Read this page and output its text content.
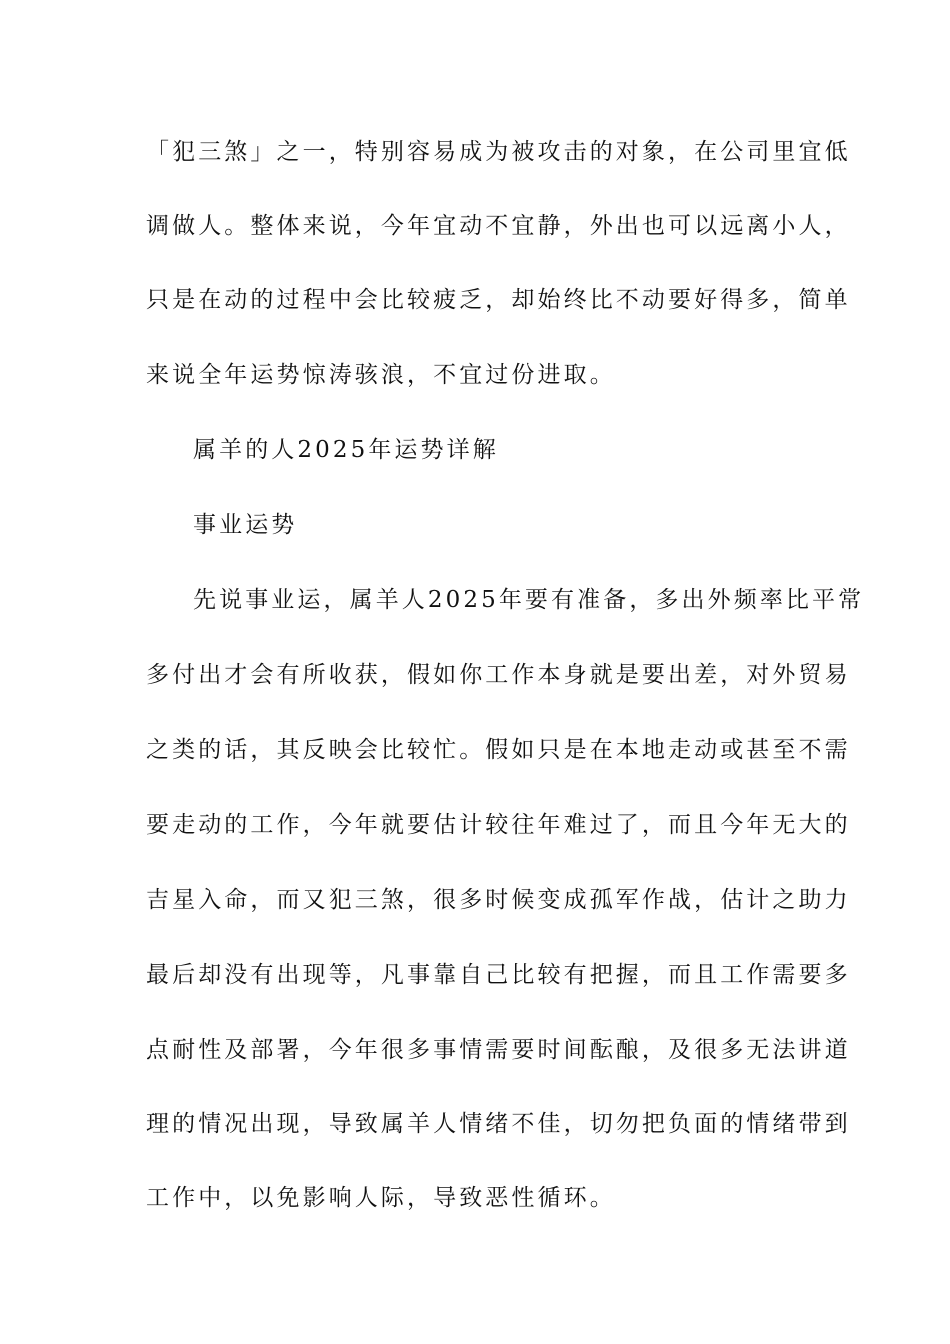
「犯三煞」之一，特别容易成为被攻击的对象，在公司里宜低
调做人。整体来说，今年宜动不宜静，外出也可以远离小人，
只是在动的过程中会比较疲乏，却始终比不动要好得多，简单
来说全年运势惊涛骇浪，不宜过份进取。
属羊的人2025年运势详解
事业运势
先说事业运，属羊人2025年要有准备，多出外频率比平常
多付出才会有所收获，假如你工作本身就是要出差，对外贸易
之类的话，其反映会比较忙。假如只是在本地走动或甚至不需
要走动的工作，今年就要估计较往年难过了，而且今年无大的
吉星入命，而又犯三煞，很多时候变成孤军作战，估计之助力
最后却没有出现等，凡事靠自己比较有把握，而且工作需要多
点耐性及部署，今年很多事情需要时间酝酿，及很多无法讲道
理的情况出现，导致属羊人情绪不佳，切勿把负面的情绪带到
工作中，以免影响人际，导致恶性循环。
